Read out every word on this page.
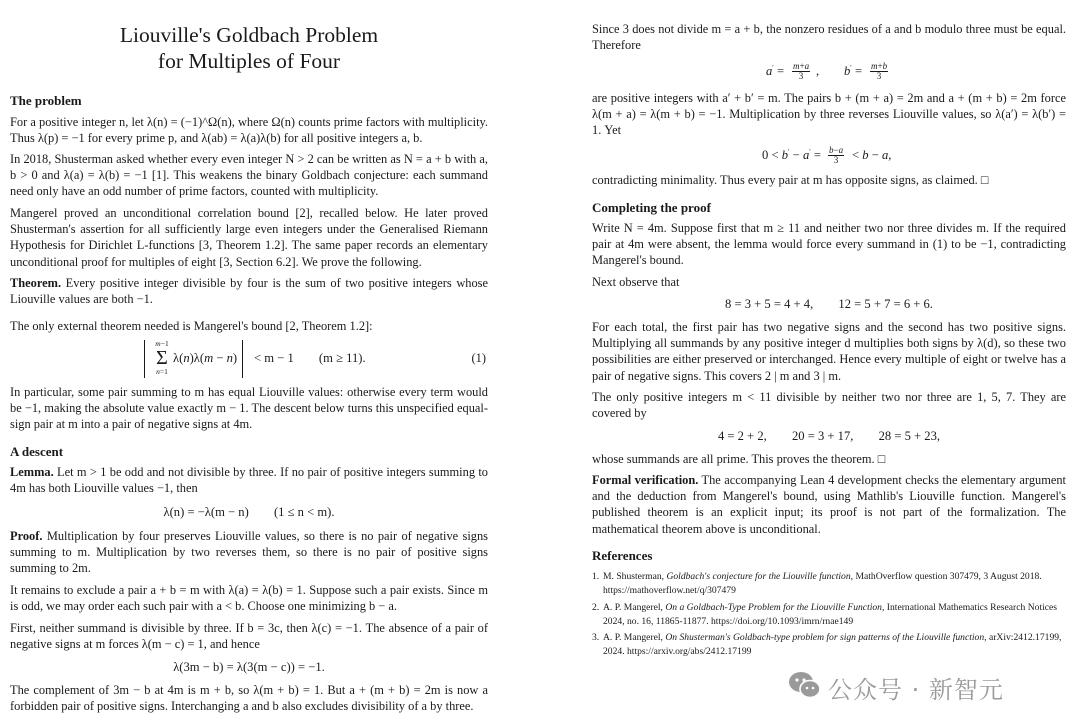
Liouville's Goldbach Problem
for Multiples of Four
The problem

For a positive integer n, let λ(n) = (−1)^Ω(n), where Ω(n) counts prime factors with multiplicity. Thus λ(p) = −1 for every prime p, and λ(ab) = λ(a)λ(b) for all positive integers a, b.

In 2018, Shusterman asked whether every even integer N > 2 can be written as N = a + b with a, b > 0 and λ(a) = λ(b) = −1 [1]. This weakens the binary Goldbach conjecture: each summand need only have an odd number of prime factors, counted with multiplicity.

Mangerel proved an unconditional correlation bound [2], recalled below. He later proved Shusterman's assertion for all sufficiently large even integers under the Generalised Riemann Hypothesis for Dirichlet L-functions [3, Theorem 1.2]. The same paper records an elementary unconditional proof for multiples of eight [3, Section 6.2]. We prove the following.

Theorem. Every positive integer divisible by four is the sum of two positive integers whose Liouville values are both −1.

The only external theorem needed is Mangerel's bound [2, Theorem 1.2]:

m−1
Σ
n=1
λ(n)λ(m − n) < m − 1        (m ≥ 11).	(1)

In particular, some pair summing to m has equal Liouville values: otherwise every term would be −1, making the absolute value exactly m − 1. The descent below turns this unspecified equal-sign pair at m into a pair of negative signs at 4m.

A descent

Lemma. Let m > 1 be odd and not divisible by three. If no pair of positive integers summing to 4m has both Liouville values −1, then

λ(n) = −λ(m − n)        (1 ≤ n < m).

Proof. Multiplication by four preserves Liouville values, so there is no pair of negative signs summing to m. Multiplication by two reverses them, so there is no pair of positive signs summing to 2m.

It remains to exclude a pair a + b = m with λ(a) = λ(b) = 1. Suppose such a pair exists. Since m is odd, we may order each such pair with a < b. Choose one minimizing b − a.

First, neither summand is divisible by three. If b = 3c, then λ(c) = −1. The absence of a pair of negative signs at m forces λ(m − c) = 1, and hence

λ(3m − b) = λ(3(m − c)) = −1.

The complement of 3m − b at 4m is m + b, so λ(m + b) = 1. But a + (m + b) = 2m is now a forbidden pair of positive signs. Interchanging a and b also excludes divisibility of a by three.

Since 3 does not divide m = a + b, the nonzero residues of a and b modulo three must be equal. Therefore

$a' = \frac{m+a}{3}$ , $b' = \frac{m+b}{3}$

are positive integers with a′ + b′ = m. The pairs b + (m + a) = 2m and a + (m + b) = 2m force λ(m + a) = λ(m + b) = −1. Multiplication by three reverses Liouville values, so λ(a′) = λ(b′) = 1. Yet

$0 < b' - a' = \frac{b-a}{3} < b - a$,

contradicting minimality. Thus every pair at m has opposite signs, as claimed. □

Completing the proof

Write N = 4m. Suppose first that m ≥ 11 and neither two nor three divides m. If the required pair at 4m were absent, the lemma would force every summand in (1) to be −1, contradicting Mangerel's bound.

Next observe that

8 = 3 + 5 = 4 + 4,        12 = 5 + 7 = 6 + 6.

For each total, the first pair has two negative signs and the second has two positive signs. Multiplying all summands by any positive integer d multiplies both signs by λ(d), so these two possibilities are either preserved or interchanged. Hence every multiple of eight or twelve has a pair of negative signs. This covers 2 | m and 3 | m.

The only positive integers m < 11 divisible by neither two nor three are 1, 5, 7. They are covered by

4 = 2 + 2,        20 = 3 + 17,        28 = 5 + 23,

whose summands are all prime. This proves the theorem. □

Formal verification. The accompanying Lean 4 development checks the elementary argument and the deduction from Mangerel's bound, using Mathlib's Liouville function. Mangerel's published theorem is an explicit input; its proof is not part of the formalization. The mathematical theorem above is unconditional.

References
1. M. Shusterman, Goldbach's conjecture for the Liouville function, MathOverflow question 307479, 3 August 2018. https://mathoverflow.net/q/307479
2. A. P. Mangerel, On a Goldbach-Type Problem for the Liouville Function, International Mathematics Research Notices 2024, no. 16, 11865-11877. https://doi.org/10.1093/imrn/rnae149
3. A. P. Mangerel, On Shusterman's Goldbach-type problem for sign patterns of the Liouville function, arXiv:2412.17199, 2024. https://arxiv.org/abs/2412.17199
公众号 · 新智元
